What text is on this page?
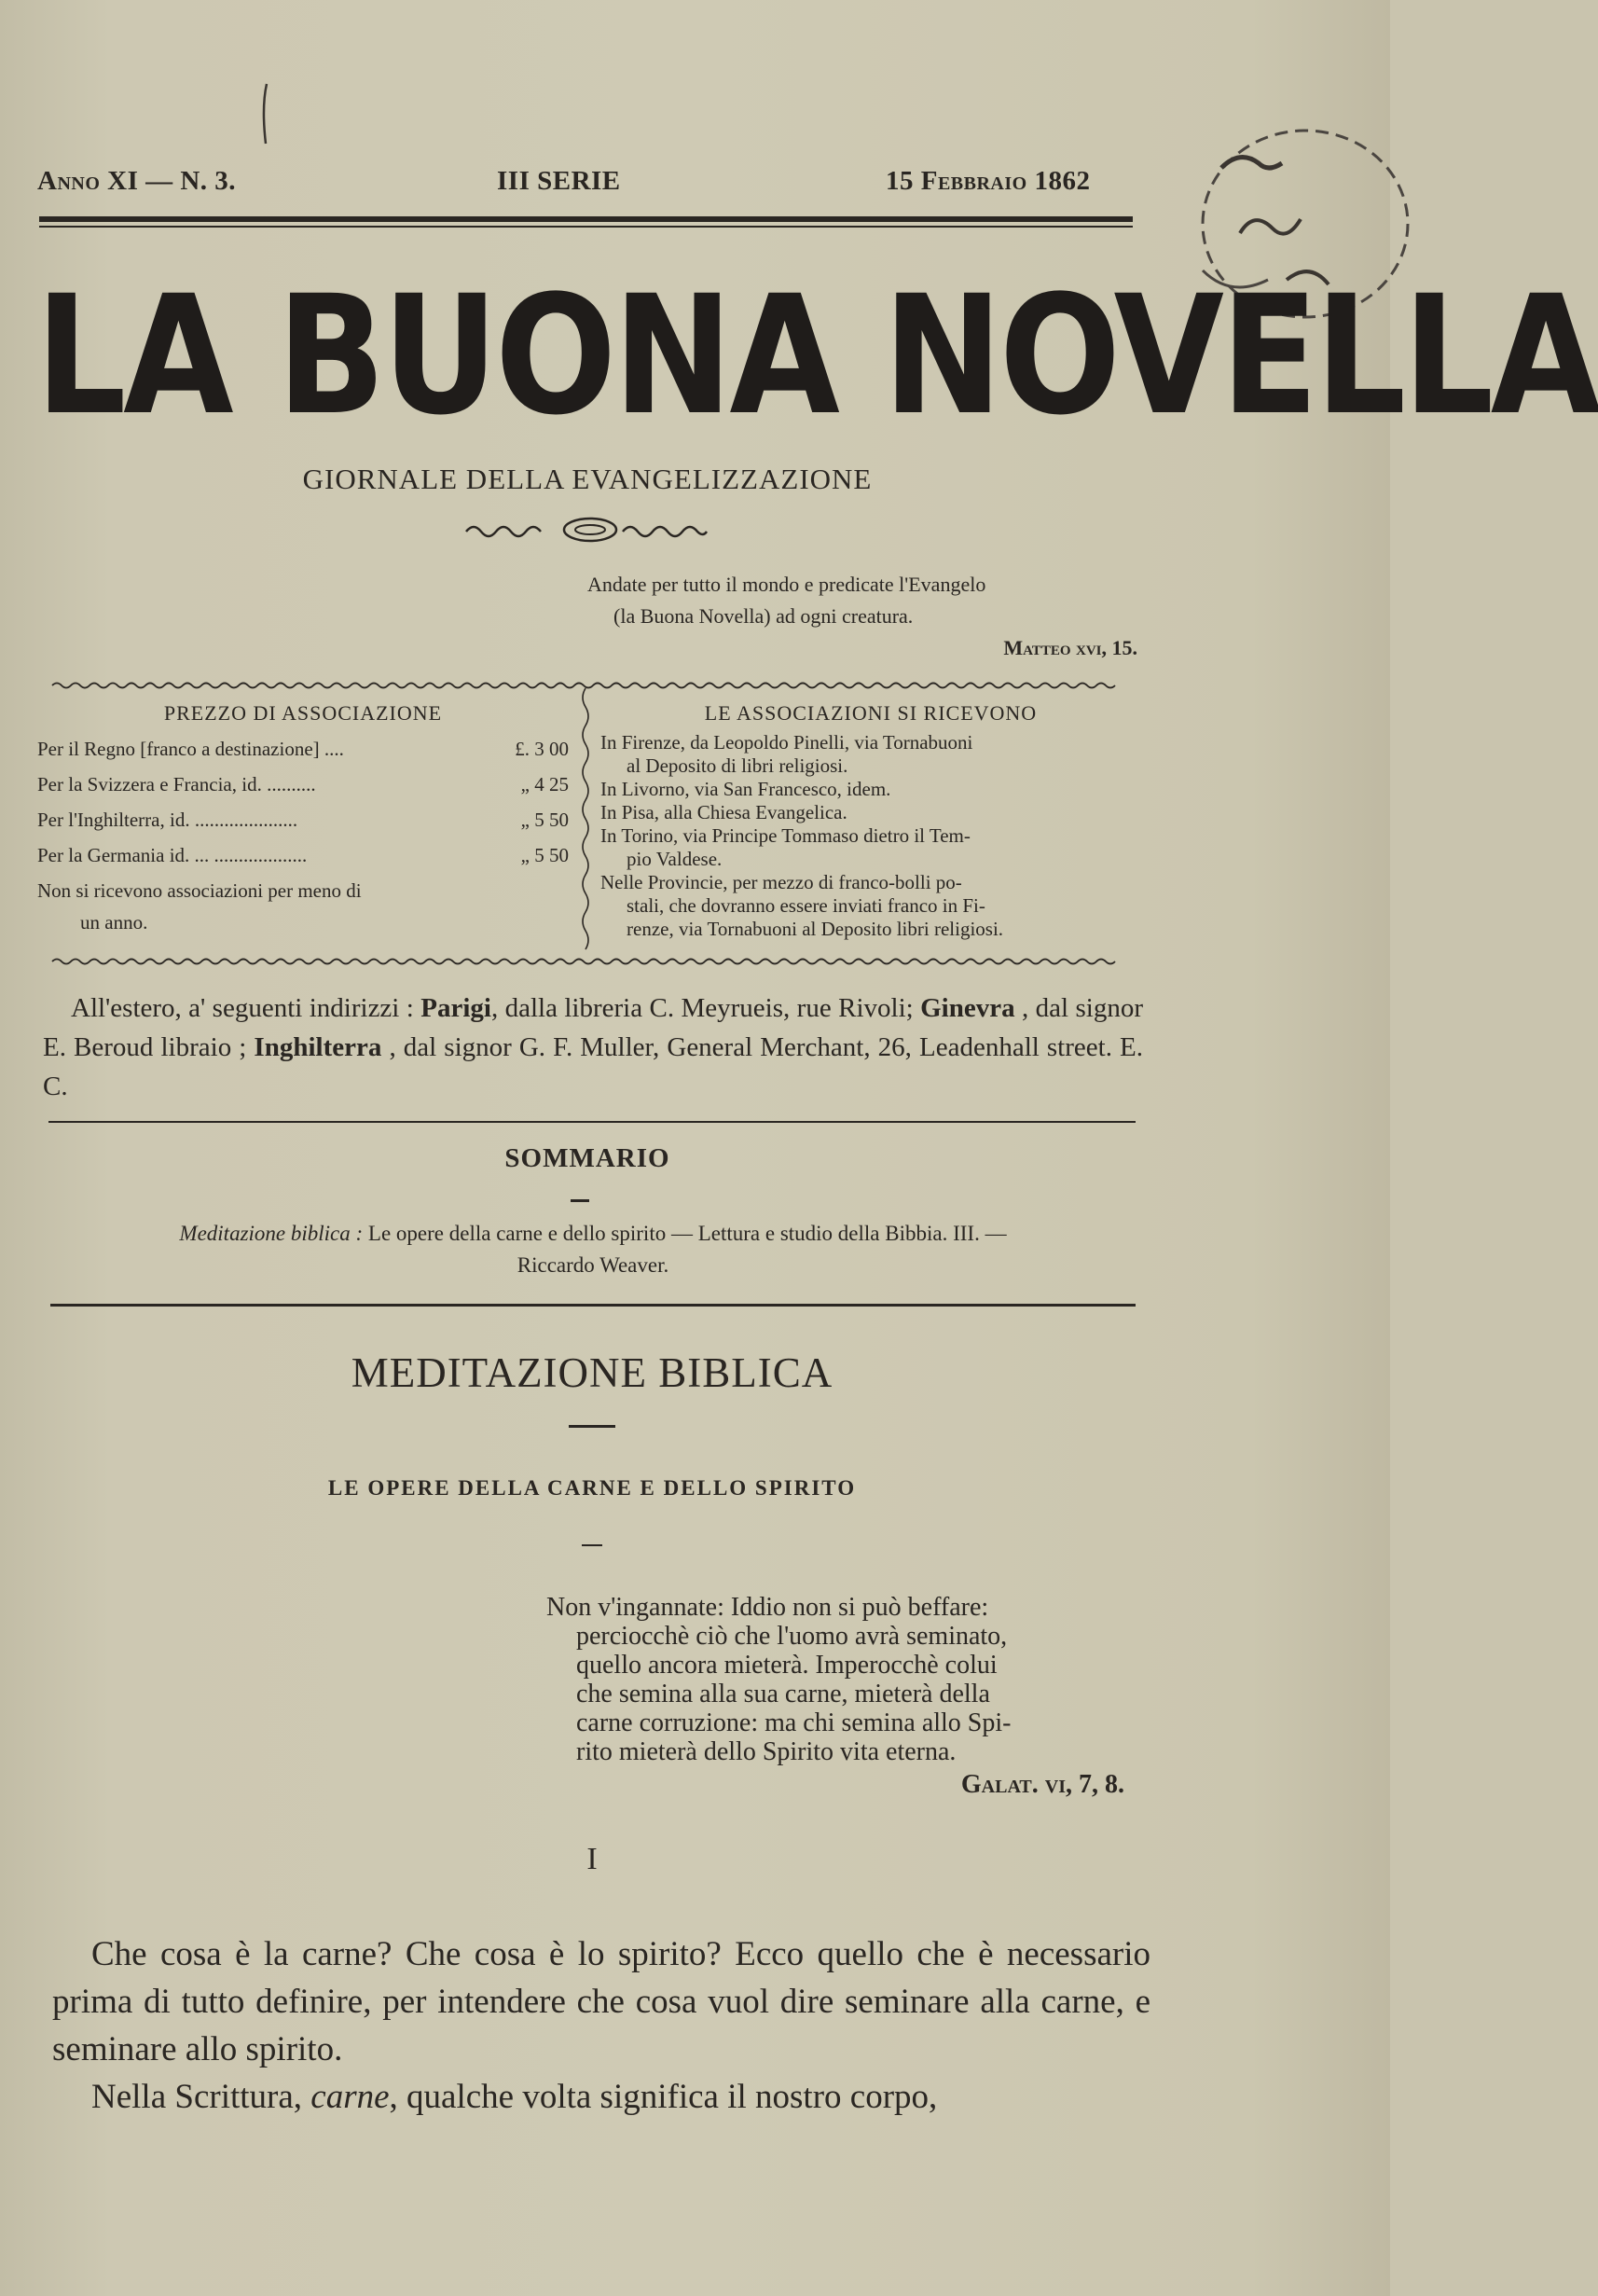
Anno XI — N. 3.	III SERIE	15 Febbraio 1862
LA BUONA NOVELLA
GIORNALE DELLA EVANGELIZZAZIONE
Andate per tutto il mondo e predicate l'Evangelo
(la Buona Novella) ad ogni creatura.
Matteo xvi, 15.
PREZZO DI ASSOCIAZIONE
Per il Regno [franco a destinazione] ....	£. 3 00
Per la Svizzera e Francia, id. ..........	„ 4 25
Per l'Inghilterra, id. .....................	„ 5 50
Per la Germania id. ... ...................	„ 5 50
Non si ricevono associazioni per meno di
un anno.
LE ASSOCIAZIONI SI RICEVONO
In Firenze, da Leopoldo Pinelli, via Tornabuoni
al Deposito di libri religiosi.
In Livorno, via San Francesco, idem.
In Pisa, alla Chiesa Evangelica.
In Torino, via Principe Tommaso dietro il Tem-
pio Valdese.
Nelle Provincie, per mezzo di franco-bolli po-
stali, che dovranno essere inviati franco in Fi-
renze, via Tornabuoni al Deposito libri religiosi.
All'estero, a' seguenti indirizzi : Parigi, dalla libreria C. Meyrueis, rue Rivoli; Ginevra , dal signor E. Beroud libraio ; Inghilterra , dal signor G. F. Muller, General Merchant, 26, Leadenhall street. E. C.
SOMMARIO
Meditazione biblica : Le opere della carne e dello spirito — Lettura e studio della Bibbia. III. —
Riccardo Weaver.
MEDITAZIONE BIBLICA
LE OPERE DELLA CARNE E DELLO SPIRITO
Non v'ingannate: Iddio non si può beffare:
perciocchè ciò che l'uomo avrà seminato,
quello ancora mieterà. Imperocchè colui
che semina alla sua carne, mieterà della
carne corruzione: ma chi semina allo Spi-
rito mieterà dello Spirito vita eterna.
Galat. vi, 7, 8.
I

Che cosa è la carne? Che cosa è lo spirito? Ecco quello che è necessario prima di tutto definire, per intendere che cosa vuol dire seminare alla carne, e seminare allo spirito.

Nella Scrittura, carne, qualche volta significa il nostro corpo,
